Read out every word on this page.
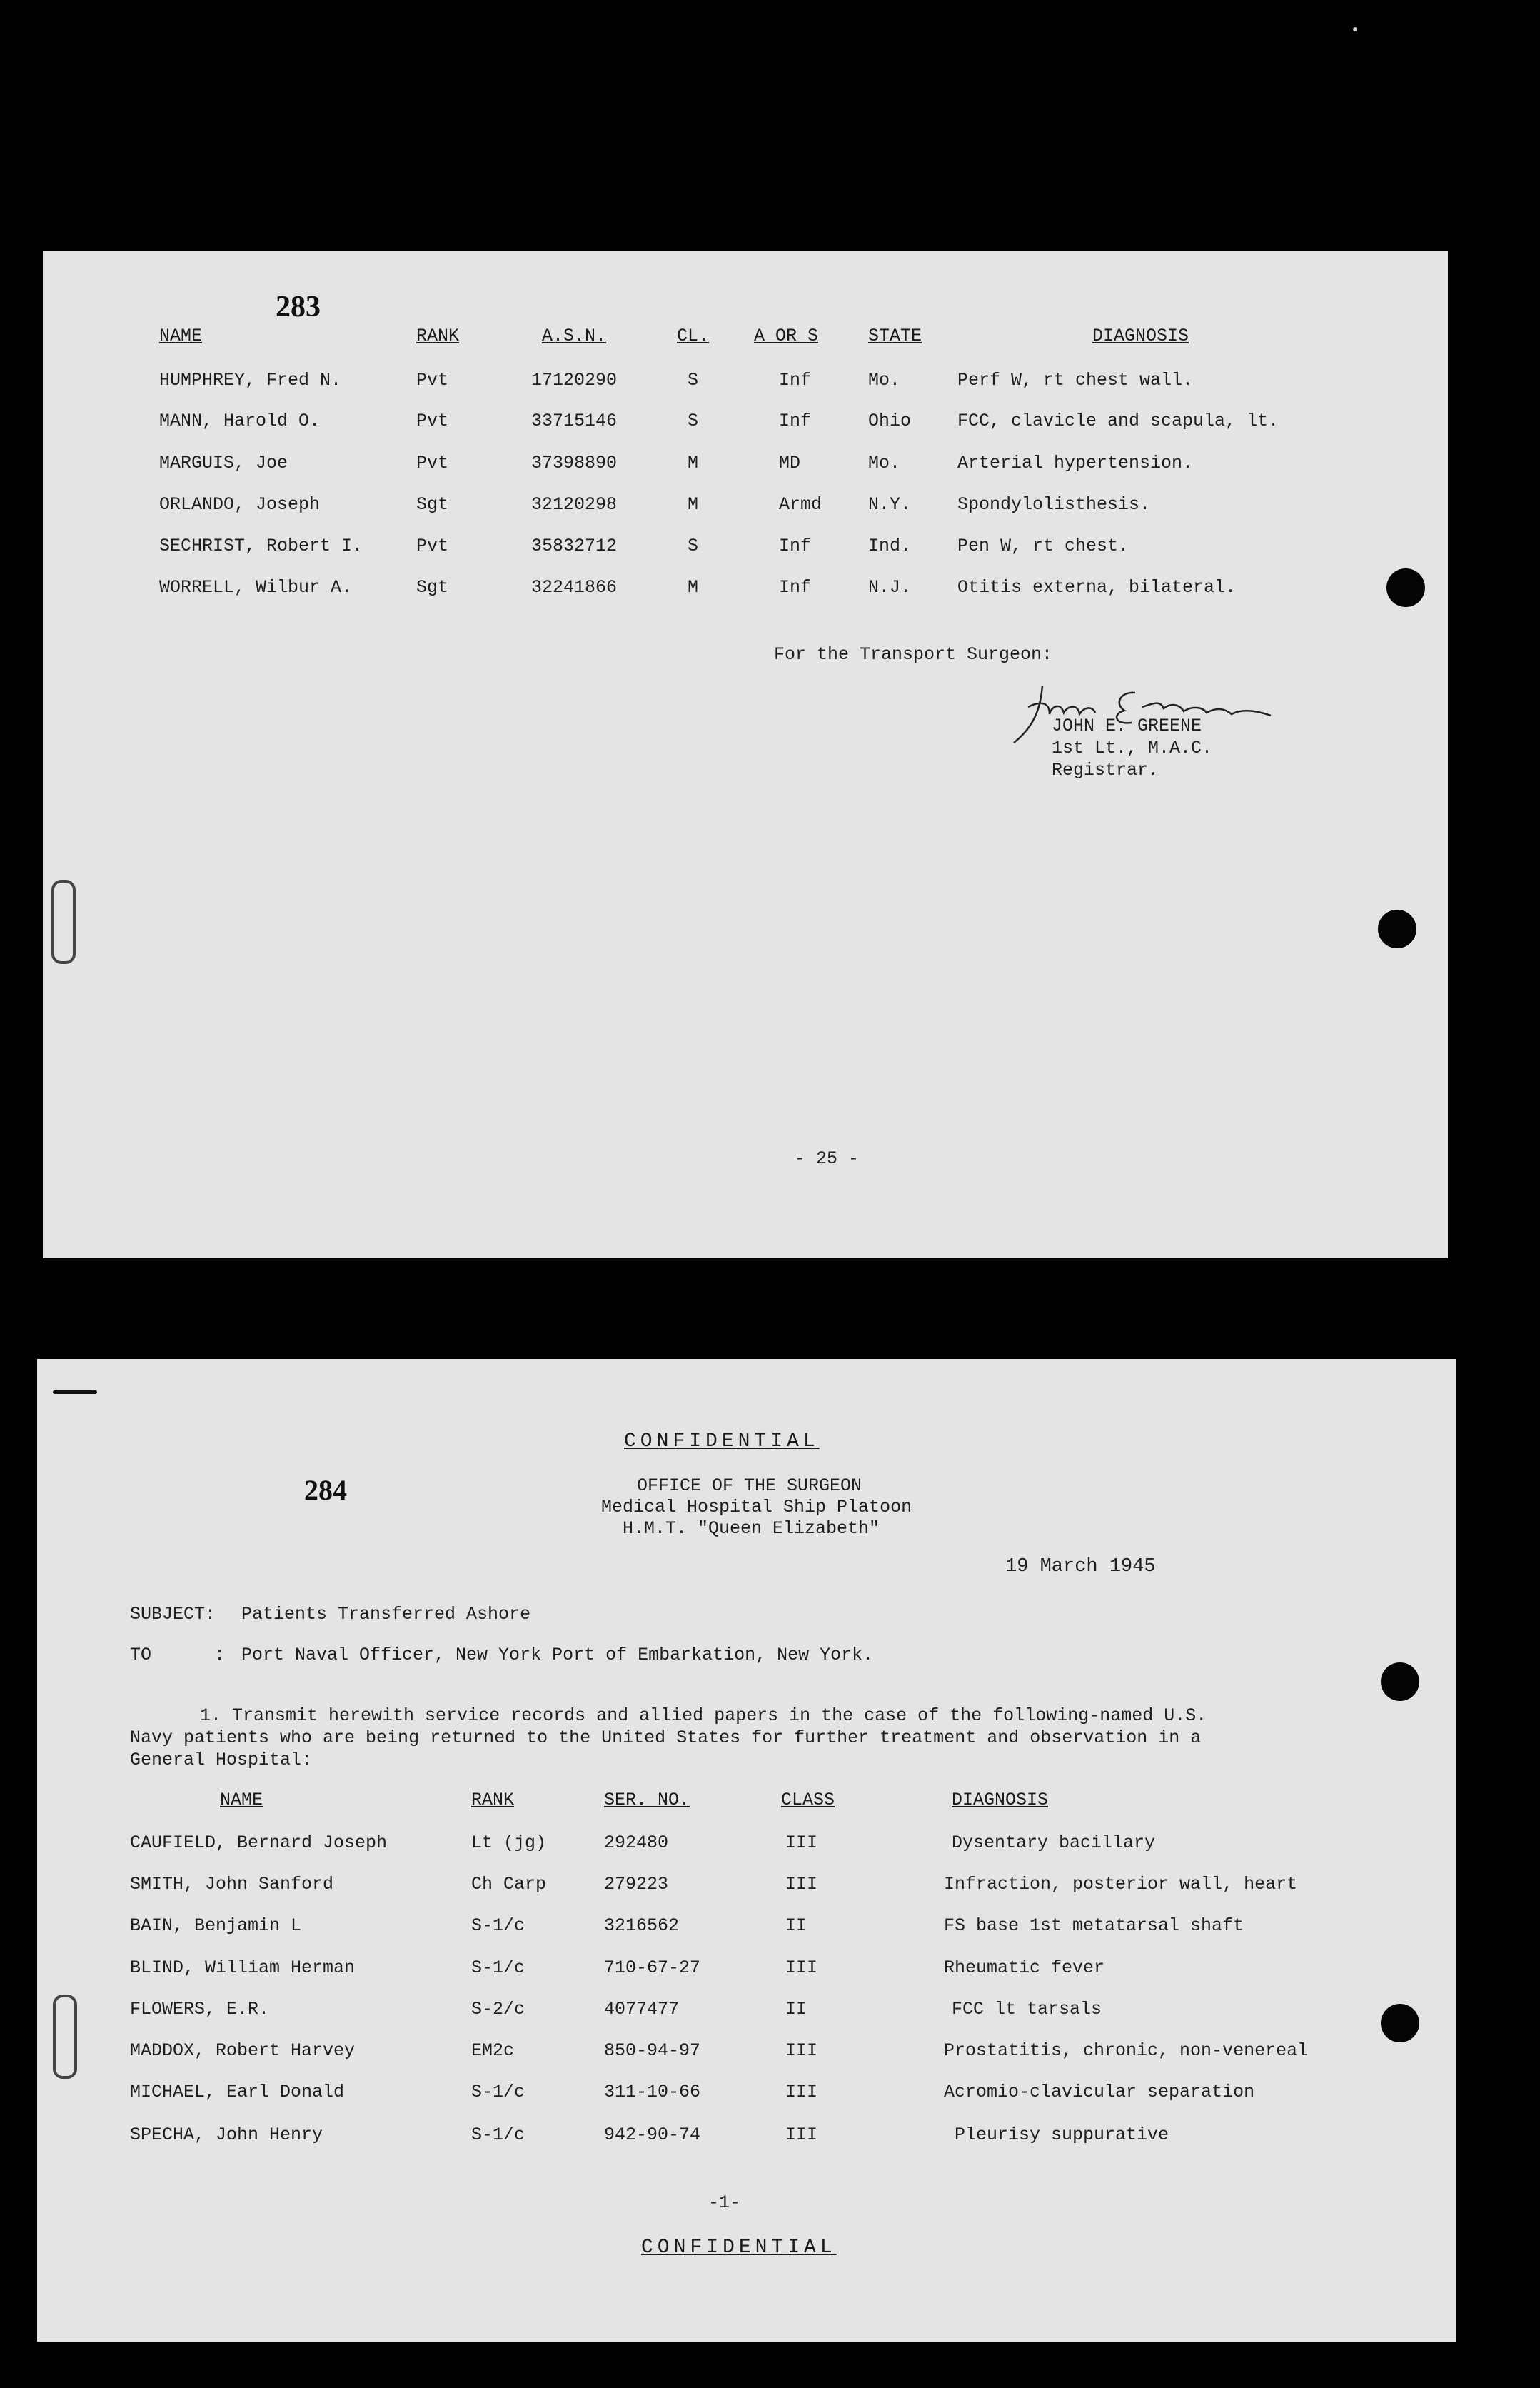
283
NAME	RANK	A.S.N.	CL.	A OR S	STATE	DIAGNOSIS
HUMPHREY, Fred N.	Pvt	17120290	S	Inf	Mo.	Perf W, rt chest wall.
MANN, Harold O.	Pvt	33715146	S	Inf	Ohio	FCC, clavicle and scapula, lt.
MARGUIS, Joe	Pvt	37398890	M	MD	Mo.	Arterial hypertension.
ORLANDO, Joseph	Sgt	32120298	M	Armd	N.Y.	Spondylolisthesis.
SECHRIST, Robert I.	Pvt	35832712	S	Inf	Ind.	Pen W, rt chest.
WORRELL, Wilbur A.	Sgt	32241866	M	Inf	N.J.	Otitis externa, bilateral.
For the Transport Surgeon:
JOHN E. GREENE
1st Lt., M.A.C.
Registrar.
- 25 -
CONFIDENTIAL
284	OFFICE OF THE SURGEON
Medical Hospital Ship Platoon
H.M.T. "Queen Elizabeth"
19 March 1945
SUBJECT: Patients Transferred Ashore
TO	: Port Naval Officer, New York Port of Embarkation, New York.
1. Transmit herewith service records and allied papers in the case of the following-named U.S.
Navy patients who are being returned to the United States for further treatment and observation in a
General Hospital:
NAME	RANK	SER. NO.	CLASS	DIAGNOSIS
CAUFIELD, Bernard Joseph	Lt (jg)	292480	III	Dysentary bacillary
SMITH, John Sanford	Ch Carp	279223	III	Infraction, posterior wall, heart
BAIN, Benjamin L	S-1/c	3216562	II	FS base 1st metatarsal shaft
BLIND, William Herman	S-1/c	710-67-27	III	Rheumatic fever
FLOWERS, E.R.	S-2/c	4077477	II	FCC lt tarsals
MADDOX, Robert Harvey	EM2c	850-94-97	III	Prostatitis, chronic, non-venereal
MICHAEL, Earl Donald	S-1/c	311-10-66	III	Acromio-clavicular separation
SPECHA, John Henry	S-1/c	942-90-74	III	Pleurisy suppurative
-1-
CONFIDENTIAL
